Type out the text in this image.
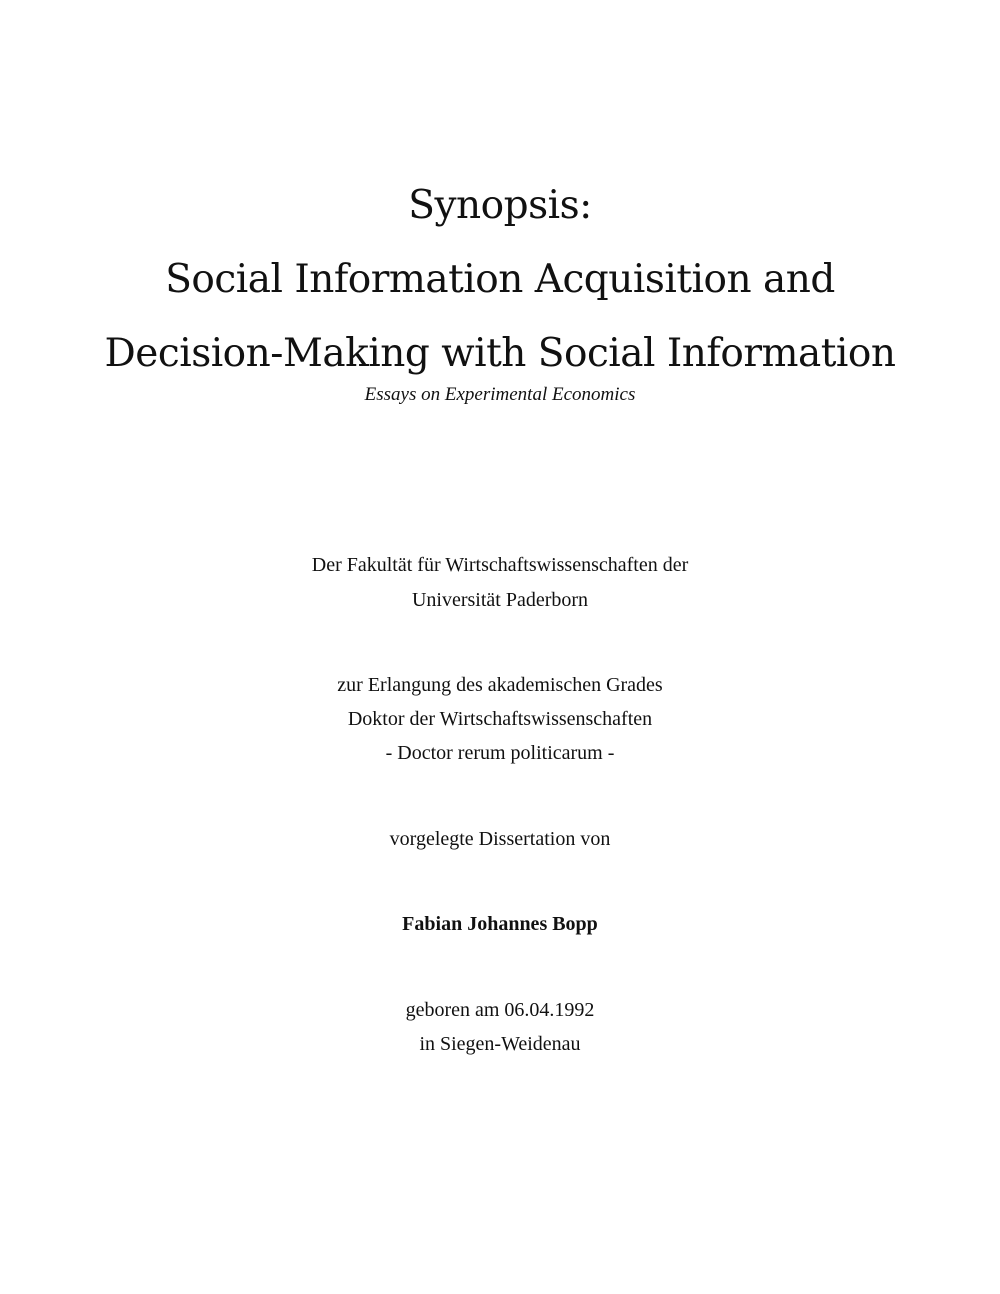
Synopsis:
Social Information Acquisition and
Decision-Making with Social Information
Essays on Experimental Economics
Der Fakultät für Wirtschaftswissenschaften der
Universität Paderborn
zur Erlangung des akademischen Grades
Doktor der Wirtschaftswissenschaften
- Doctor rerum politicarum -
vorgelegte Dissertation von
Fabian Johannes Bopp
geboren am 06.04.1992
in Siegen-Weidenau
